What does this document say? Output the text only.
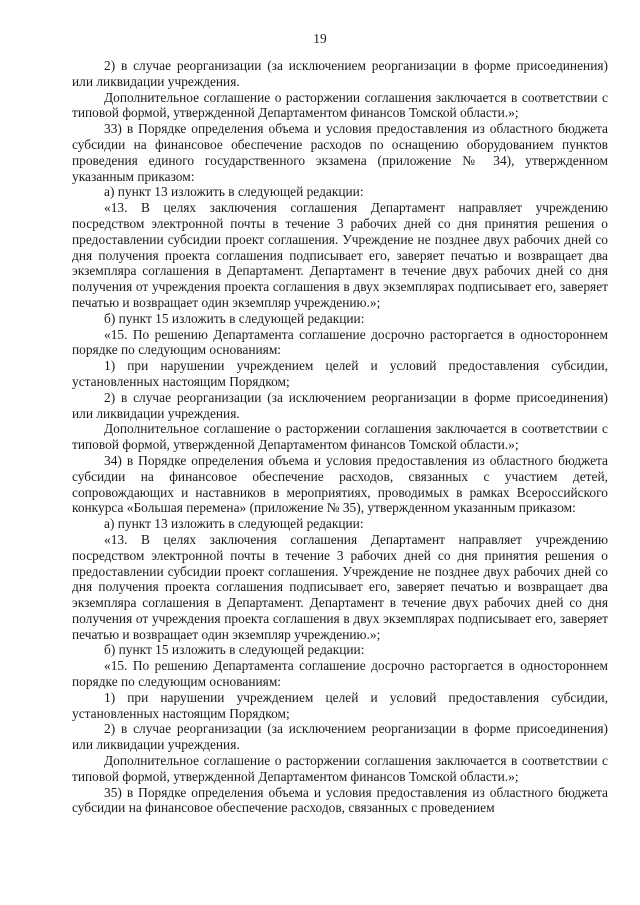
19

2) в случае реорганизации (за исключением реорганизации в форме присоединения) или ликвидации учреждения.

Дополнительное соглашение о расторжении соглашения заключается в соответствии с типовой формой, утвержденной Департаментом финансов Томской области.»;

33) в Порядке определения объема и условия предоставления из областного бюджета субсидии на финансовое обеспечение расходов по оснащению оборудованием пунктов проведения единого государственного экзамена (приложение № 34), утвержденном указанным приказом:

а) пункт 13 изложить в следующей редакции:

«13. В целях заключения соглашения Департамент направляет учреждению посредством электронной почты в течение 3 рабочих дней со дня принятия решения о предоставлении субсидии проект соглашения. Учреждение не позднее двух рабочих дней со дня получения проекта соглашения подписывает его, заверяет печатью и возвращает два экземпляра соглашения в Департамент. Департамент в течение двух рабочих дней со дня получения от учреждения проекта соглашения в двух экземплярах подписывает его, заверяет печатью и возвращает один экземпляр учреждению.»;

б) пункт 15 изложить в следующей редакции:

«15. По решению Департамента соглашение досрочно расторгается в одностороннем порядке по следующим основаниям:

1) при нарушении учреждением целей и условий предоставления субсидии, установленных настоящим Порядком;

2) в случае реорганизации (за исключением реорганизации в форме присоединения) или ликвидации учреждения.

Дополнительное соглашение о расторжении соглашения заключается в соответствии с типовой формой, утвержденной Департаментом финансов Томской области.»;

34) в Порядке определения объема и условия предоставления из областного бюджета субсидии на финансовое обеспечение расходов, связанных с участием детей, сопровождающих и наставников в мероприятиях, проводимых в рамках Всероссийского конкурса «Большая перемена» (приложение № 35), утвержденном указанным приказом:

а) пункт 13 изложить в следующей редакции:

«13. В целях заключения соглашения Департамент направляет учреждению посредством электронной почты в течение 3 рабочих дней со дня принятия решения о предоставлении субсидии проект соглашения. Учреждение не позднее двух рабочих дней со дня получения проекта соглашения подписывает его, заверяет печатью и возвращает два экземпляра соглашения в Департамент. Департамент в течение двух рабочих дней со дня получения от учреждения проекта соглашения в двух экземплярах подписывает его, заверяет печатью и возвращает один экземпляр учреждению.»;

б) пункт 15 изложить в следующей редакции:

«15. По решению Департамента соглашение досрочно расторгается в одностороннем порядке по следующим основаниям:

1) при нарушении учреждением целей и условий предоставления субсидии, установленных настоящим Порядком;

2) в случае реорганизации (за исключением реорганизации в форме присоединения) или ликвидации учреждения.

Дополнительное соглашение о расторжении соглашения заключается в соответствии с типовой формой, утвержденной Департаментом финансов Томской области.»;

35) в Порядке определения объема и условия предоставления из областного бюджета субсидии на финансовое обеспечение расходов, связанных с проведением
